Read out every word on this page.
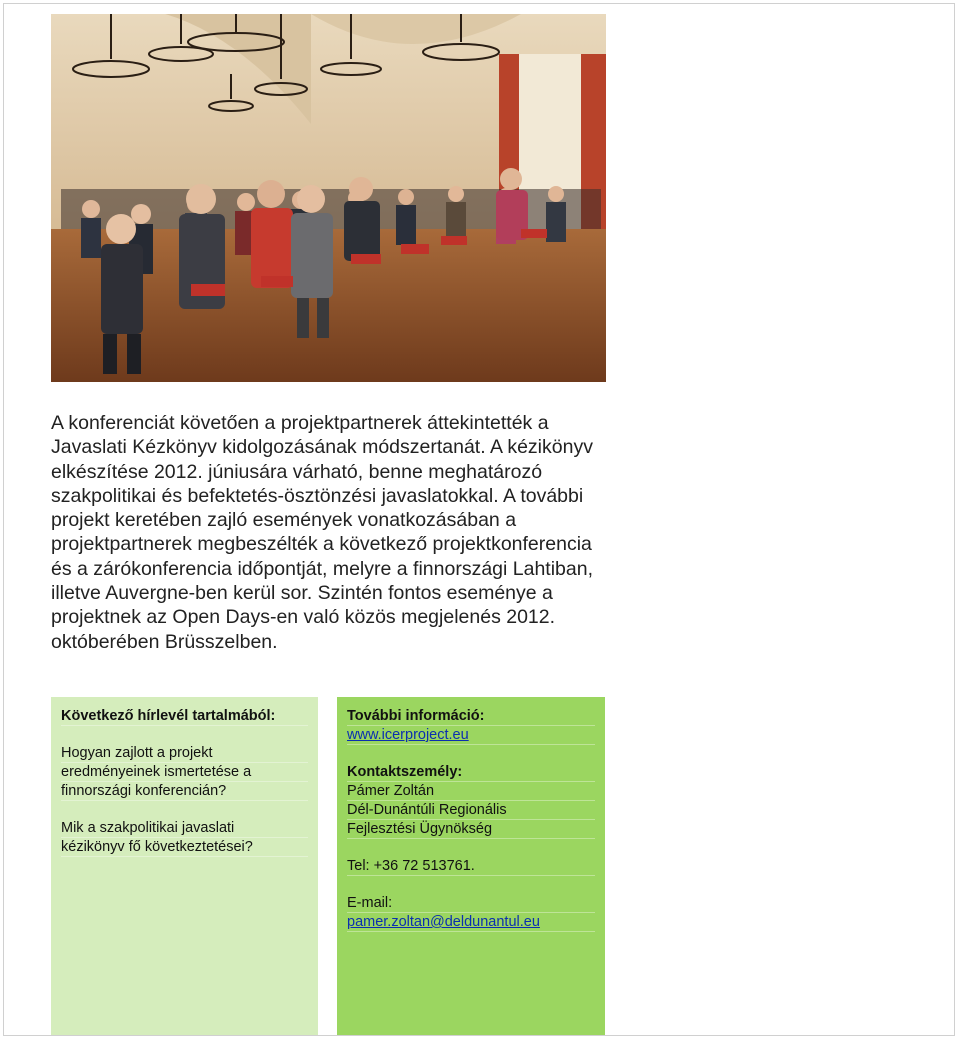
A konferenciát követően a projektpartnerek áttekintették a Javaslati Kézkönyv kidolgozásának módszertanát. A kézikönyv elkészítése 2012. júniusára várható, benne meghatározó szakpolitikai és befektetés-ösztönzési javaslatokkal. A további projekt keretében zajló események vonatkozásában a projektpartnerek megbeszélték a következő projektkonferencia és a zárókonferencia időpontját, melyre a finnországi Lahtiban, illetve Auvergne-ben kerül sor. Szintén fontos eseménye a projektnek az Open Days-en való közös megjelenés 2012. októberében Brüsszelben.

Következő hírlevél tartalmából:

Hogyan zajlott a projekt
eredményeinek ismertetése a
finnországi konferencián?
Mik a szakpolitikai javaslati
kézikönyv fő következtetései?

További információ:

www.icerproject.eu

Kontaktszemély:

Pámer Zoltán
Dél-Dunántúli Regionális
Fejlesztési Ügynökség
Tel: +36 72 513761.
E-mail:
pamer.zoltan@deldunantul.eu
